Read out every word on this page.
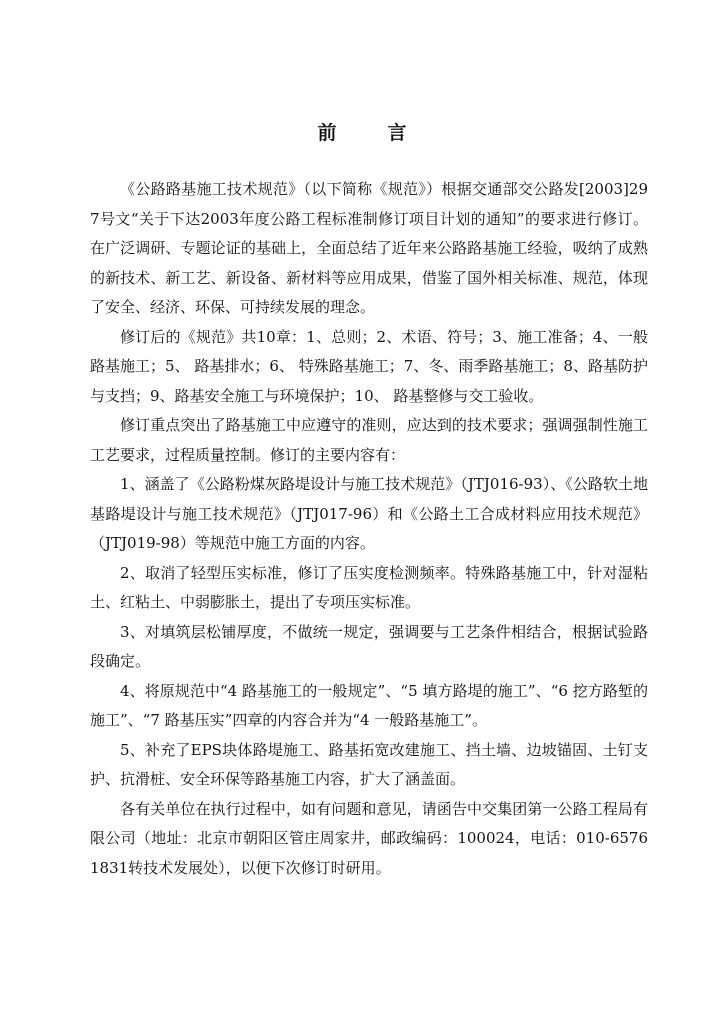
前　言

《公路路基施工技术规范》（以下简称《规范》）根据交通部交公路发[2003]297号文“关于下达2003年度公路工程标准制修订项目计划的通知”的要求进行修订。在广泛调研、专题论证的基础上，全面总结了近年来公路路基施工经验，吸纳了成熟的新技术、新工艺、新设备、新材料等应用成果，借鉴了国外相关标准、规范，体现了安全、经济、环保、可持续发展的理念。

修订后的《规范》共10章：1、总则；2、术语、符号；3、施工准备；4、一般路基施工；5、 路基排水；6、 特殊路基施工；7、冬、雨季路基施工；8、路基防护与支挡；9、路基安全施工与环境保护；10、 路基整修与交工验收。

修订重点突出了路基施工中应遵守的准则，应达到的技术要求；强调强制性施工工艺要求，过程质量控制。修订的主要内容有：

1、涵盖了《公路粉煤灰路堤设计与施工技术规范》（JTJ016-93）、《公路软土地基路堤设计与施工技术规范》（JTJ017-96）和《公路土工合成材料应用技术规范》（JTJ019-98）等规范中施工方面的内容。

2、取消了轻型压实标准，修订了压实度检测频率。特殊路基施工中，针对湿粘土、红粘土、中弱膨胀土，提出了专项压实标准。

3、对填筑层松铺厚度，不做统一规定，强调要与工艺条件相结合，根据试验路段确定。

4、将原规范中“4 路基施工的一般规定”、“5 填方路堤的施工”、“6 挖方路堑的施工”、“7 路基压实”四章的内容合并为“4 一般路基施工”。

5、补充了EPS块体路堤施工、路基拓宽改建施工、挡土墙、边坡锚固、土钉支护、抗滑桩、安全环保等路基施工内容，扩大了涵盖面。

各有关单位在执行过程中，如有问题和意见，请函告中交集团第一公路工程局有限公司（地址：北京市朝阳区管庄周家井，邮政编码：100024，电话：010-65761831转技术发展处），以便下次修订时研用。
